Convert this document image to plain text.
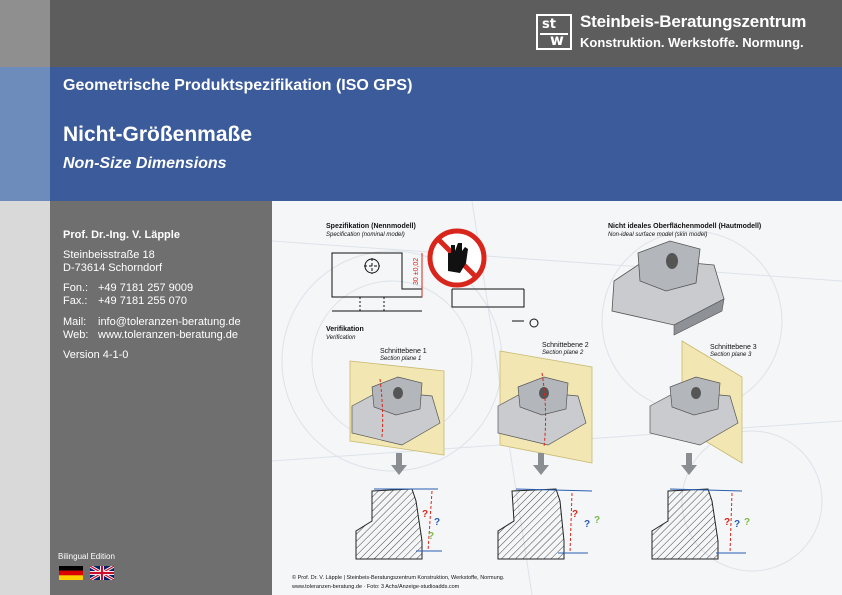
st
w
Steinbeis-Beratungszentrum
Konstruktion. Werkstoffe. Normung.
Geometrische Produktspezifikation (ISO GPS)
Nicht-Größenmaße
Non-Size Dimensions
Prof. Dr.-Ing. V. Läpple
Steinbeisstraße 18
D-73614 Schorndorf
Fon.: +49 7181 257 9009
Fax.: +49 7181 255 070
Mail: info@toleranzen-beratung.de
Web: www.toleranzen-beratung.de
Version 4-1-0
Bilingual Edition
Spezifikation (Nennmodell)
Specification (nominal model)
30 ±0,02
Nicht ideales Oberflächenmodell (Hautmodell)
Non-ideal surface model (skin model)
Verifikation
Verification
Schnittebene 1
Section plane 1
Schnittebene 2
Section plane 2
Schnittebene 3
Section plane 3
?
?
?
?
? ?	? ? ?
© Prof. Dr. V. Läpple | Steinbeis-Beratungszentrum Konstruktion, Werkstoffe, Normung.
www.toleranzen-beratung.de · Foto: 3 Achs/Anzeige-studioadds.com
